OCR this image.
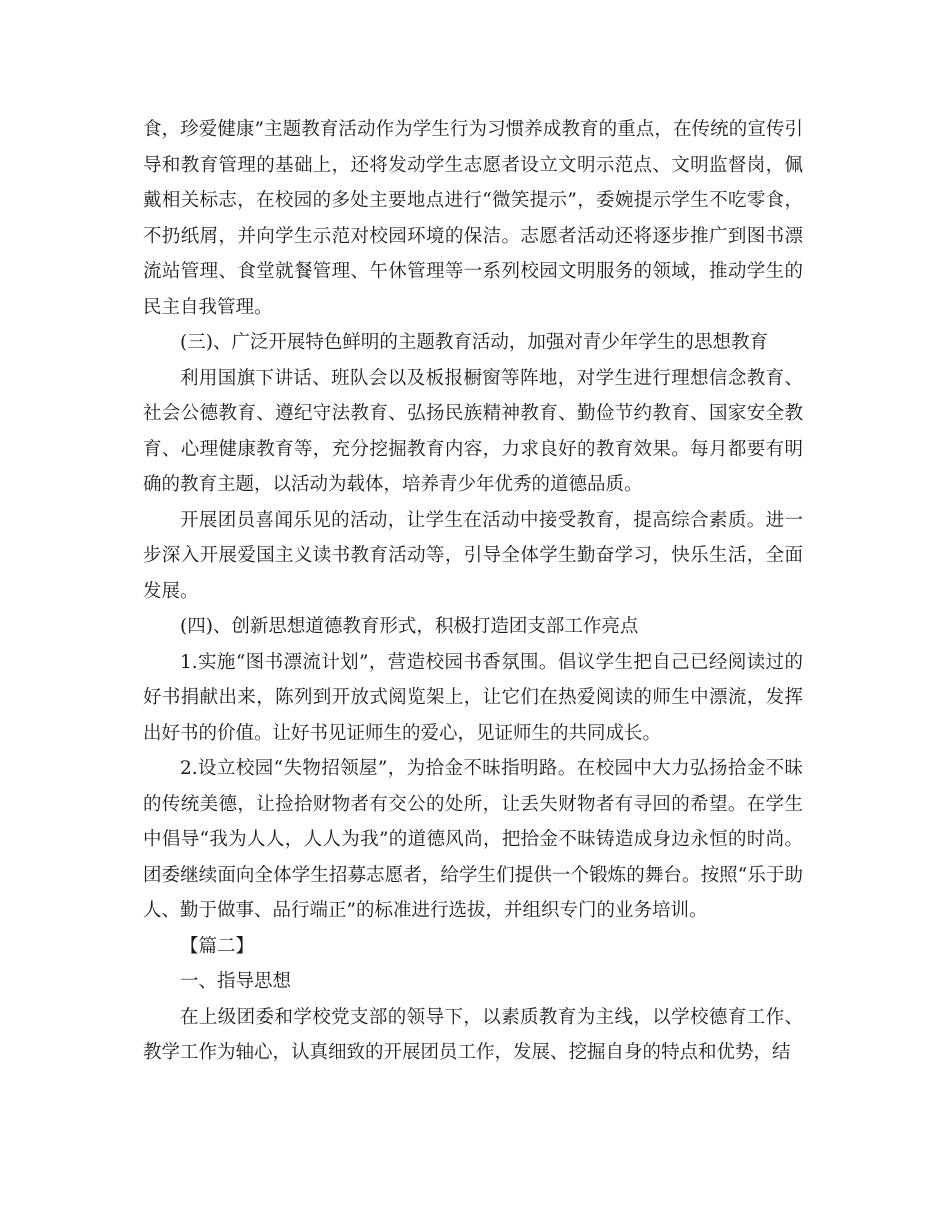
食，珍爱健康”主题教育活动作为学生行为习惯养成教育的重点，在传统的宣传引导和教育管理的基础上，还将发动学生志愿者设立文明示范点、文明监督岗，佩戴相关标志，在校园的多处主要地点进行“微笑提示”，委婉提示学生不吃零食，不扔纸屑，并向学生示范对校园环境的保洁。志愿者活动还将逐步推广到图书漂流站管理、食堂就餐管理、午休管理等一系列校园文明服务的领域，推动学生的民主自我管理。

(三)、广泛开展特色鲜明的主题教育活动，加强对青少年学生的思想教育

利用国旗下讲话、班队会以及板报橱窗等阵地，对学生进行理想信念教育、社会公德教育、遵纪守法教育、弘扬民族精神教育、勤俭节约教育、国家安全教育、心理健康教育等，充分挖掘教育内容，力求良好的教育效果。每月都要有明确的教育主题，以活动为载体，培养青少年优秀的道德品质。

开展团员喜闻乐见的活动，让学生在活动中接受教育，提高综合素质。进一步深入开展爱国主义读书教育活动等，引导全体学生勤奋学习，快乐生活，全面发展。

(四)、创新思想道德教育形式，积极打造团支部工作亮点

1.实施“图书漂流计划”，营造校园书香氛围。倡议学生把自己已经阅读过的好书捐献出来，陈列到开放式阅览架上，让它们在热爱阅读的师生中漂流，发挥出好书的价值。让好书见证师生的爱心，见证师生的共同成长。

2.设立校园“失物招领屋”，为拾金不昧指明路。在校园中大力弘扬拾金不昧的传统美德，让捡拾财物者有交公的处所，让丢失财物者有寻回的希望。在学生中倡导“我为人人，人人为我”的道德风尚，把拾金不昧铸造成身边永恒的时尚。团委继续面向全体学生招募志愿者，给学生们提供一个锻炼的舞台。按照“乐于助人、勤于做事、品行端正”的标准进行选拔，并组织专门的业务培训。

【篇二】

一、指导思想

在上级团委和学校党支部的领导下，以素质教育为主线，以学校德育工作、教学工作为轴心，认真细致的开展团员工作，发展、挖掘自身的特点和优势，结
